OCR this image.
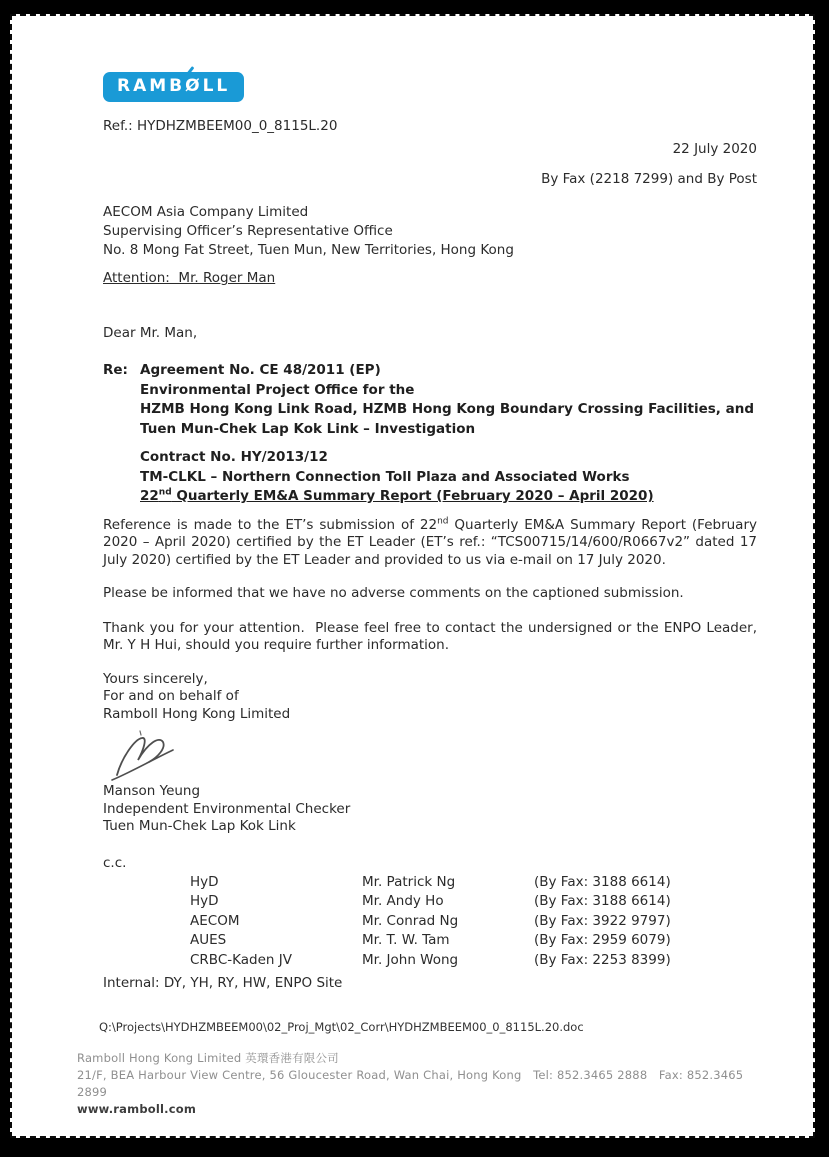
RAMBØLL
Ref.: HYDHZMBEEM00_0_8115L.20
22 July 2020
By Fax (2218 7299) and By Post
AECOM Asia Company Limited
Supervising Officer’s Representative Office
No. 8 Mong Fat Street, Tuen Mun, New Territories, Hong Kong
Attention:  Mr. Roger Man
Dear Mr. Man,
Re: Agreement No. CE 48/2011 (EP)
Environmental Project Office for the
HZMB Hong Kong Link Road, HZMB Hong Kong Boundary Crossing Facilities, and
Tuen Mun-Chek Lap Kok Link – Investigation
Contract No. HY/2013/12
TM-CLKL – Northern Connection Toll Plaza and Associated Works
22nd Quarterly EM&A Summary Report (February 2020 – April 2020)
Reference is made to the ET’s submission of 22nd Quarterly EM&A Summary Report (February 2020 – April 2020) certified by the ET Leader (ET’s ref.: “TCS00715/14/600/R0667v2” dated 17 July 2020) certified by the ET Leader and provided to us via e-mail on 17 July 2020.
Please be informed that we have no adverse comments on the captioned submission.
Thank you for your attention.  Please feel free to contact the undersigned or the ENPO Leader, Mr. Y H Hui, should you require further information.
Yours sincerely,
For and on behalf of
Ramboll Hong Kong Limited
Manson Yeung
Independent Environmental Checker
Tuen Mun-Chek Lap Kok Link
c.c.
HyD	Mr. Patrick Ng	(By Fax: 3188 6614)
HyD	Mr. Andy Ho	(By Fax: 3188 6614)
AECOM	Mr. Conrad Ng	(By Fax: 3922 9797)
AUES	Mr. T. W. Tam	(By Fax: 2959 6079)
CRBC-Kaden JV	Mr. John Wong	(By Fax: 2253 8399)
Internal: DY, YH, RY, HW, ENPO Site
Q:\Projects\HYDHZMBEEM00\02_Proj_Mgt\02_Corr\HYDHZMBEEM00_0_8115L.20.doc
Ramboll Hong Kong Limited 英環香港有限公司
21/F, BEA Harbour View Centre, 56 Gloucester Road, Wan Chai, Hong Kong   Tel: 852.3465 2888   Fax: 852.3465 2899
www.ramboll.com
